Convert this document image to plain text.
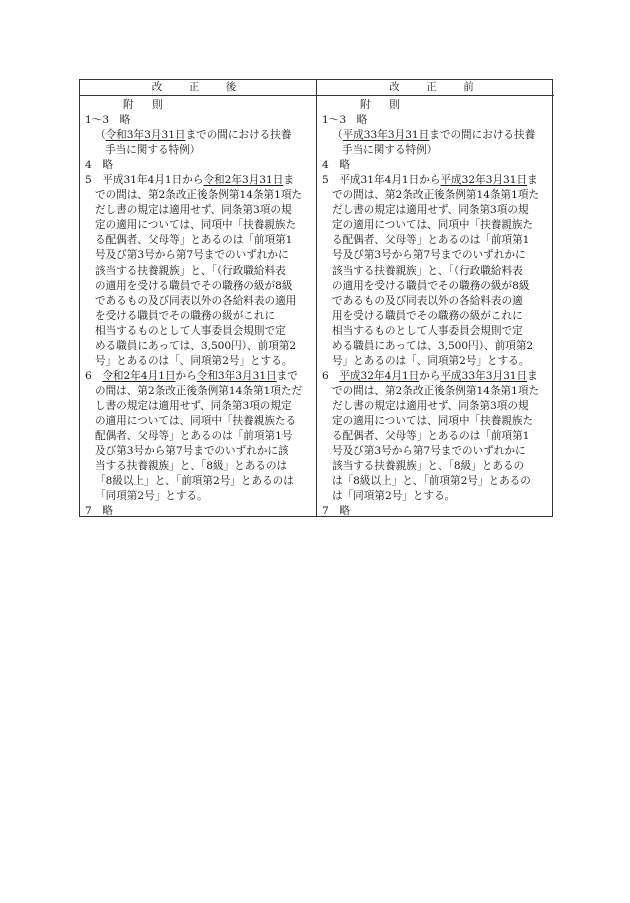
改　正　後
附　則
1～3　略
（令和3年3月31日までの間における扶養
手当に関する特例）
4　略
5　平成31年4月1日から令和2年3月31日ま
での間は、第2条改正後条例第14条第1項た
だし書の規定は適用せず、同条第3項の規
定の適用については、同項中「扶養親族た
る配偶者、父母等」とあるのは「前項第1
号及び第3号から第7号までのいずれかに
該当する扶養親族」と、「（行政職給料表
の適用を受ける職員でその職務の級が8級
であるもの及び同表以外の各給料表の適用
を受ける職員でその職務の級がこれに
相当するものとして人事委員会規則で定
める職員にあっては、3,500円）、前項第2
号」とあるのは「、同項第2号」とする。
6　令和2年4月1日から令和3年3月31日まで
の間は、第2条改正後条例第14条第1項ただ
し書の規定は適用せず、同条第3項の規定
の適用については、同項中「扶養親族たる
配偶者、父母等」とあるのは「前項第1号
及び第3号から第7号までのいずれかに該
当する扶養親族」と、「8級」とあるのは
「8級以上」と、「前項第2号」とあるのは
「同項第2号」とする。
7　略
改　正　前
附　則
1～3　略
（平成33年3月31日までの間における扶養
手当に関する特例）
4　略
5　平成31年4月1日から平成32年3月31日ま
での間は、第2条改正後条例第14条第1項た
だし書の規定は適用せず、同条第3項の規
定の適用については、同項中「扶養親族た
る配偶者、父母等」とあるのは「前項第1
号及び第3号から第7号までのいずれかに
該当する扶養親族」と、「（行政職給料表
の適用を受ける職員でその職務の級が8級
であるもの及び同表以外の各給料表の適
用を受ける職員でその職務の級がこれに
相当するものとして人事委員会規則で定
める職員にあっては、3,500円）、前項第2
号」とあるのは「、同項第2号」とする。
6　平成32年4月1日から平成33年3月31日ま
での間は、第2条改正後条例第14条第1項た
だし書の規定は適用せず、同条第3項の規
定の適用については、同項中「扶養親族た
る配偶者、父母等」とあるのは「前項第1
号及び第3号から第7号までのいずれかに
該当する扶養親族」と、「8級」とあるの
は「8級以上」と、「前項第2号」とあるの
は「同項第2号」とする。
7　略
